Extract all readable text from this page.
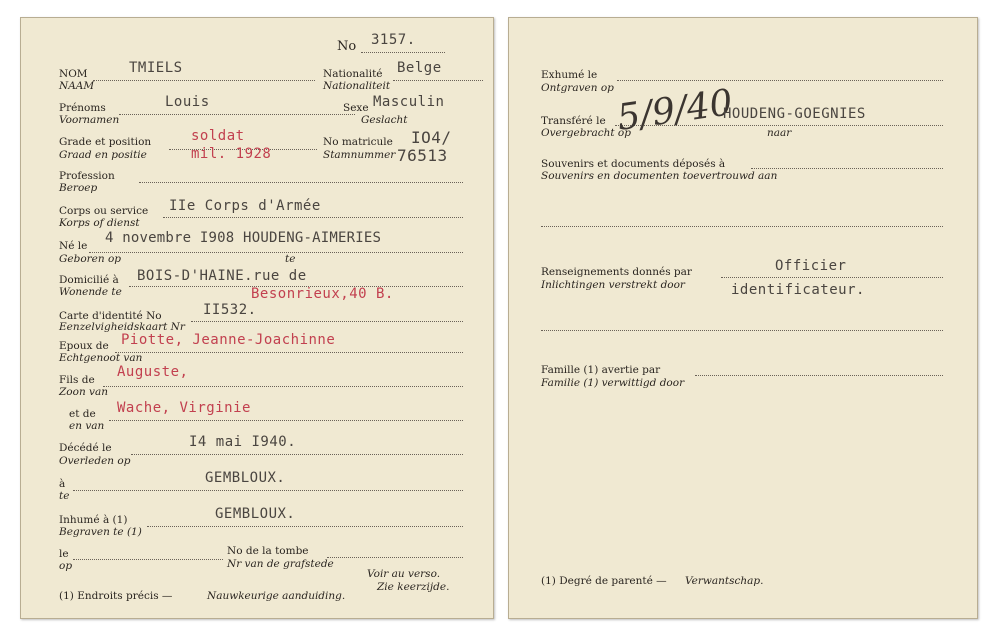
No 3157.
NOM
NAAM
TMIELS	Nationalité
Nationaliteit
Belge
Prénoms
Voornamen
Louis	Sexe
Geslacht
Masculin
Grade et position
Graad en positie
soldat
mil. 1928
No matricule
Stamnummer
IO4/
76513
Profession
Beroep
Corps ou service
Korps of dienst
IIe Corps d'Armée
Né le
Geboren op	te
4 novembre I908 HOUDENG-AIMERIES
Domicilié à
Wonende te
BOIS-D'HAINE.rue de
Besonrieux,40 B.
Carte d'identité No
Eenzelvigheidskaart Nr
II532.
Epoux de
Echtgenoot van
Piotte, Jeanne-Joachinne
Fils de
Zoon van
Auguste,
et de
en van
Wache, Virginie
Décédé le
Overleden op
I4 mai I940.
à
te
GEMBLOUX.
Inhumé à (1)
Begraven te (1)
GEMBLOUX.
le
op
No de la tombe
Nr van de grafstede
Voir au verso.
Zie keerzijde.
(1) Endroits précis —	Nauwkeurige aanduiding.
Exhumé le
Ontgraven op
Transféré le
Overgebracht op	naar
5/9/40
HOUDENG-GOEGNIES
Souvenirs et documents déposés à
Souvenirs en documenten toevertrouwd aan
Renseignements donnés par
Inlichtingen verstrekt door
Officier
identificateur.
Famille (1) avertie par
Familie (1) verwittigd door
(1) Degré de parenté — Verwantschap.
